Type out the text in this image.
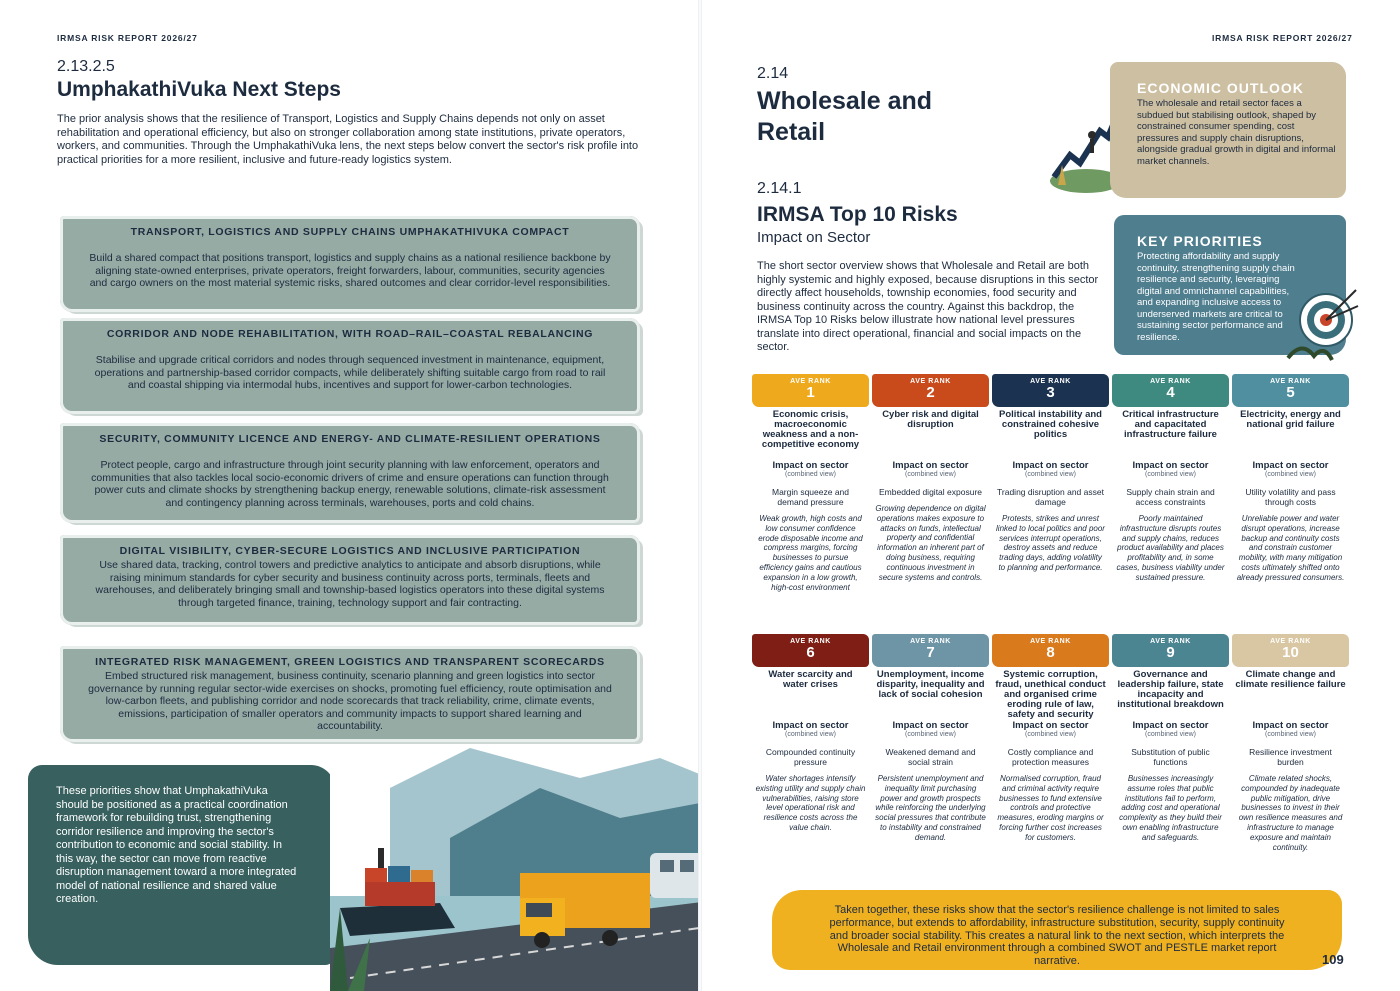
IRMSA RISK REPORT 2026/27
2.13.2.5
UmphakathiVuka Next Steps
The prior analysis shows that the resilience of Transport, Logistics and Supply Chains depends not only on asset rehabilitation and operational efficiency, but also on stronger collaboration among state institutions, private operators, workers, and communities. Through the UmphakathiVuka lens, the next steps below convert the sector's risk profile into practical priorities for a more resilient, inclusive and future-ready logistics system.
TRANSPORT, LOGISTICS AND SUPPLY CHAINS UMPHAKATHIVUKA COMPACT
Build a shared compact that positions transport, logistics and supply chains as a national resilience backbone by aligning state-owned enterprises, private operators, freight forwarders, labour, communities, security agencies and cargo owners on the most material systemic risks, shared outcomes and clear corridor-level responsibilities.
CORRIDOR AND NODE REHABILITATION, WITH ROAD–RAIL–COASTAL REBALANCING
Stabilise and upgrade critical corridors and nodes through sequenced investment in maintenance, equipment, operations and partnership-based corridor compacts, while deliberately shifting suitable cargo from road to rail and coastal shipping via intermodal hubs, incentives and support for lower-carbon technologies.
SECURITY, COMMUNITY LICENCE AND ENERGY- AND CLIMATE-RESILIENT OPERATIONS
Protect people, cargo and infrastructure through joint security planning with law enforcement, operators and communities that also tackles local socio-economic drivers of crime and ensure operations can function through power cuts and climate shocks by strengthening backup energy, renewable solutions, climate-risk assessment and contingency planning across terminals, warehouses, ports and cold chains.
DIGITAL VISIBILITY, CYBER-SECURE LOGISTICS AND INCLUSIVE PARTICIPATION
Use shared data, tracking, control towers and predictive analytics to anticipate and absorb disruptions, while raising minimum standards for cyber security and business continuity across ports, terminals, fleets and warehouses, and deliberately bringing small and township-based logistics operators into these digital systems through targeted finance, training, technology support and fair contracting.
INTEGRATED RISK MANAGEMENT, GREEN LOGISTICS AND TRANSPARENT SCORECARDS
Embed structured risk management, business continuity, scenario planning and green logistics into sector governance by running regular sector-wide exercises on shocks, promoting fuel efficiency, route optimisation and low-carbon fleets, and publishing corridor and node scorecards that track reliability, crime, climate events, emissions, participation of smaller operators and community impacts to support shared learning and accountability.
These priorities show that UmphakathiVuka should be positioned as a practical coordination framework for rebuilding trust, strengthening corridor resilience and improving the sector's contribution to economic and social stability. In this way, the sector can move from reactive disruption management toward a more integrated model of national resilience and shared value creation.
IRMSA RISK REPORT 2026/27
2.14
Wholesale and
Retail
2.14.1
IRMSA Top 10 Risks
Impact on Sector
The short sector overview shows that Wholesale and Retail are both highly systemic and highly exposed, because disruptions in this sector directly affect households, township economies, food security and business continuity across the country. Against this backdrop, the IRMSA Top 10 Risks below illustrate how national level pressures translate into direct operational, financial and social impacts on the sector.
ECONOMIC OUTLOOK
The wholesale and retail sector faces a subdued but stabilising outlook, shaped by constrained consumer spending, cost pressures and supply chain disruptions, alongside gradual growth in digital and informal market channels.
KEY PRIORITIES
Protecting affordability and supply continuity, strengthening supply chain resilience and security, leveraging digital and omnichannel capabilities, and expanding inclusive access to underserved markets are critical to sustaining sector performance and resilience.
AVE RANK
1
Economic crisis, macroeconomic weakness and a non-competitive economy
Impact on sector
(combined view)
Margin squeeze and demand pressure
Weak growth, high costs and low consumer confidence erode disposable income and compress margins, forcing businesses to pursue efficiency gains and cautious expansion in a low growth, high-cost environment
AVE RANK
2
Cyber risk and digital disruption
Impact on sector
(combined view)
Embedded digital exposure
Growing dependence on digital operations makes exposure to attacks on funds, intellectual property and confidential information an inherent part of doing business, requiring continuous investment in secure systems and controls.
AVE RANK
3
Political instability and constrained cohesive politics
Impact on sector
(combined view)
Trading disruption and asset damage
Protests, strikes and unrest linked to local politics and poor services interrupt operations, destroy assets and reduce trading days, adding volatility to planning and performance.
AVE RANK
4
Critical infrastructure and capacitated infrastructure failure
Impact on sector
(combined view)
Supply chain strain and access constraints
Poorly maintained infrastructure disrupts routes and supply chains, reduces product availability and places profitability and, in some cases, business viability under sustained pressure.
AVE RANK
5
Electricity, energy and national grid failure
Impact on sector
(combined view)
Utility volatility and pass through costs
Unreliable power and water disrupt operations, increase backup and continuity costs and constrain customer mobility, with many mitigation costs ultimately shifted onto already pressured consumers.
AVE RANK
6
Water scarcity and water crises
Impact on sector
(combined view)
Compounded continuity pressure
Water shortages intensify existing utility and supply chain vulnerabilities, raising store level operational risk and resilience costs across the value chain.
AVE RANK
7
Unemployment, income disparity, inequality and lack of social cohesion
Impact on sector
(combined view)
Weakened demand and social strain
Persistent unemployment and inequality limit purchasing power and growth prospects while reinforcing the underlying social pressures that contribute to instability and constrained demand.
AVE RANK
8
Systemic corruption, fraud, unethical conduct and organised crime eroding rule of law, safety and security
Impact on sector
(combined view)
Costly compliance and protection measures
Normalised corruption, fraud and criminal activity require businesses to fund extensive controls and protective measures, eroding margins or forcing further cost increases for customers.
AVE RANK
9
Governance and leadership failure, state incapacity and institutional breakdown
Impact on sector
(combined view)
Substitution of public functions
Businesses increasingly assume roles that public institutions fail to perform, adding cost and operational complexity as they build their own enabling infrastructure and safeguards.
AVE RANK
10
Climate change and climate resilience failure
Impact on sector
(combined view)
Resilience investment burden
Climate related shocks, compounded by inadequate public mitigation, drive businesses to invest in their own resilience measures and infrastructure to manage exposure and maintain continuity.
Taken together, these risks show that the sector's resilience challenge is not limited to sales performance, but extends to affordability, infrastructure substitution, security, supply continuity and broader social stability. This creates a natural link to the next section, which interprets the Wholesale and Retail environment through a combined SWOT and PESTLE market report narrative.	109
